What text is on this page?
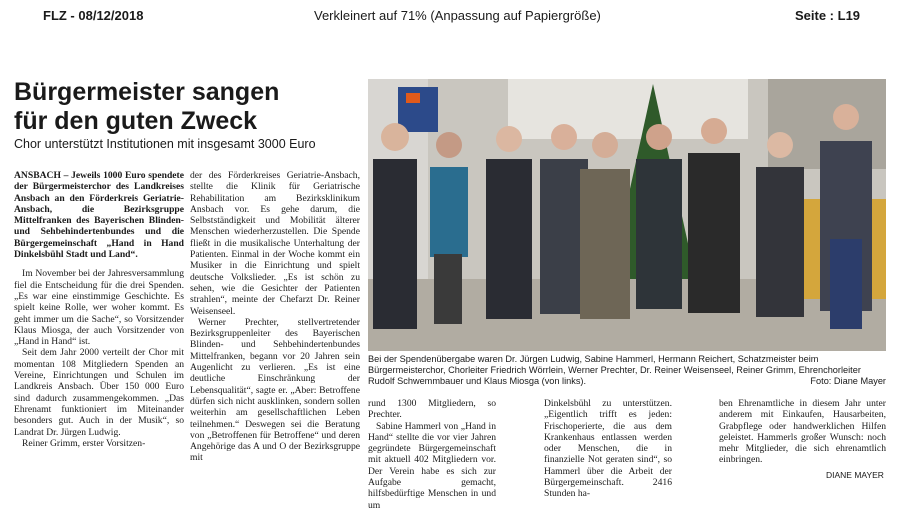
FLZ - 08/12/2018	Verkleinert auf 71% (Anpassung auf Papiergröße)	Seite : L19
Bürgermeister sangen
für den guten Zweck
Chor unterstützt Institutionen mit insgesamt 3000 Euro

ANSBACH – Jeweils 1000 Euro spendete der Bürgermeisterchor des Landkreises Ansbach an den Förderkreis Geriatrie-Ansbach, die Bezirksgruppe Mittelfranken des Bayerischen Blinden- und Sehbehindertenbundes und die Bürgergemeinschaft „Hand in Hand Dinkelsbühl Stadt und Land“.

Im November bei der Jahresversammlung fiel die Entscheidung für die drei Spenden. „Es war eine einstimmige Geschichte. Es spielt keine Rolle, wer woher kommt. Es geht immer um die Sache“, so Vorsitzender Klaus Miosga, der auch Vorsitzender von „Hand in Hand“ ist.

Seit dem Jahr 2000 verteilt der Chor mit momentan 108 Mitgliedern Spenden an Vereine, Einrichtungen und Schulen im Landkreis Ansbach. Über 150 000 Euro sind dadurch zusammengekommen. „Das Ehrenamt funktioniert im Miteinander besonders gut. Auch in der Musik“, so Landrat Dr. Jürgen Ludwig.

Reiner Grimm, erster Vorsitzen-

der des Förderkreises Geriatrie-Ansbach, stellte die Klinik für Geriatrische Rehabilitation am Bezirksklinikum Ansbach vor. Es gehe darum, die Selbstständigkeit und Mobilität älterer Menschen wiederherzustellen. Die Spende fließt in die musikalische Unterhaltung der Patienten. Einmal in der Woche kommt ein Musiker in die Einrichtung und spielt deutsche Volkslieder. „Es ist schön zu sehen, wie die Gesichter der Patienten strahlen“, meinte der Chefarzt Dr. Reiner Weisenseel.

Werner Prechter, stellvertretender Bezirksgruppenleiter des Bayerischen Blinden- und Sehbehindertenbundes Mittelfranken, begann vor 20 Jahren sein Augenlicht zu verlieren. „Es ist eine deutliche Einschränkung der Lebensqualität“, sagte er. „Aber: Betroffene dürfen sich nicht ausklinken, sondern sollen weiterhin am gesellschaftlichen Leben teilnehmen.“ Deswegen sei die Beratung von „Betroffenen für Betroffene“ und deren Angehörige das A und O der Bezirksgruppe mit

Bei der Spendenübergabe waren Dr. Jürgen Ludwig, Sabine Hammerl, Hermann Reichert, Schatzmeister beim Bürgermeisterchor, Chorleiter Friedrich Wörrlein, Werner Prechter, Dr. Reiner Weisenseel, Reiner Grimm, Ehrenchorleiter Rudolf Schwemmbauer und Klaus Miosga (von links).	Foto: Diane Mayer

rund 1300 Mitgliedern, so Prechter.

Sabine Hammerl von „Hand in Hand“ stellte die vor vier Jahren gegründete Bürgergemeinschaft mit aktuell 402 Mitgliedern vor. Der Verein habe es sich zur Aufgabe gemacht, hilfsbedürftige Menschen in und um

Dinkelsbühl zu unterstützen. „Eigentlich trifft es jeden: Frischoperierte, die aus dem Krankenhaus entlassen werden oder Menschen, die in finanzielle Not geraten sind“, so Hammerl über die Arbeit der Bürgergemeinschaft. 2416 Stunden ha-

ben Ehrenamtliche in diesem Jahr unter anderem mit Einkaufen, Hausarbeiten, Grabpflege oder handwerklichen Hilfen geleistet. Hammerls großer Wunsch: noch mehr Mitglieder, die sich ehrenamtlich einbringen.

DIANE MAYER
